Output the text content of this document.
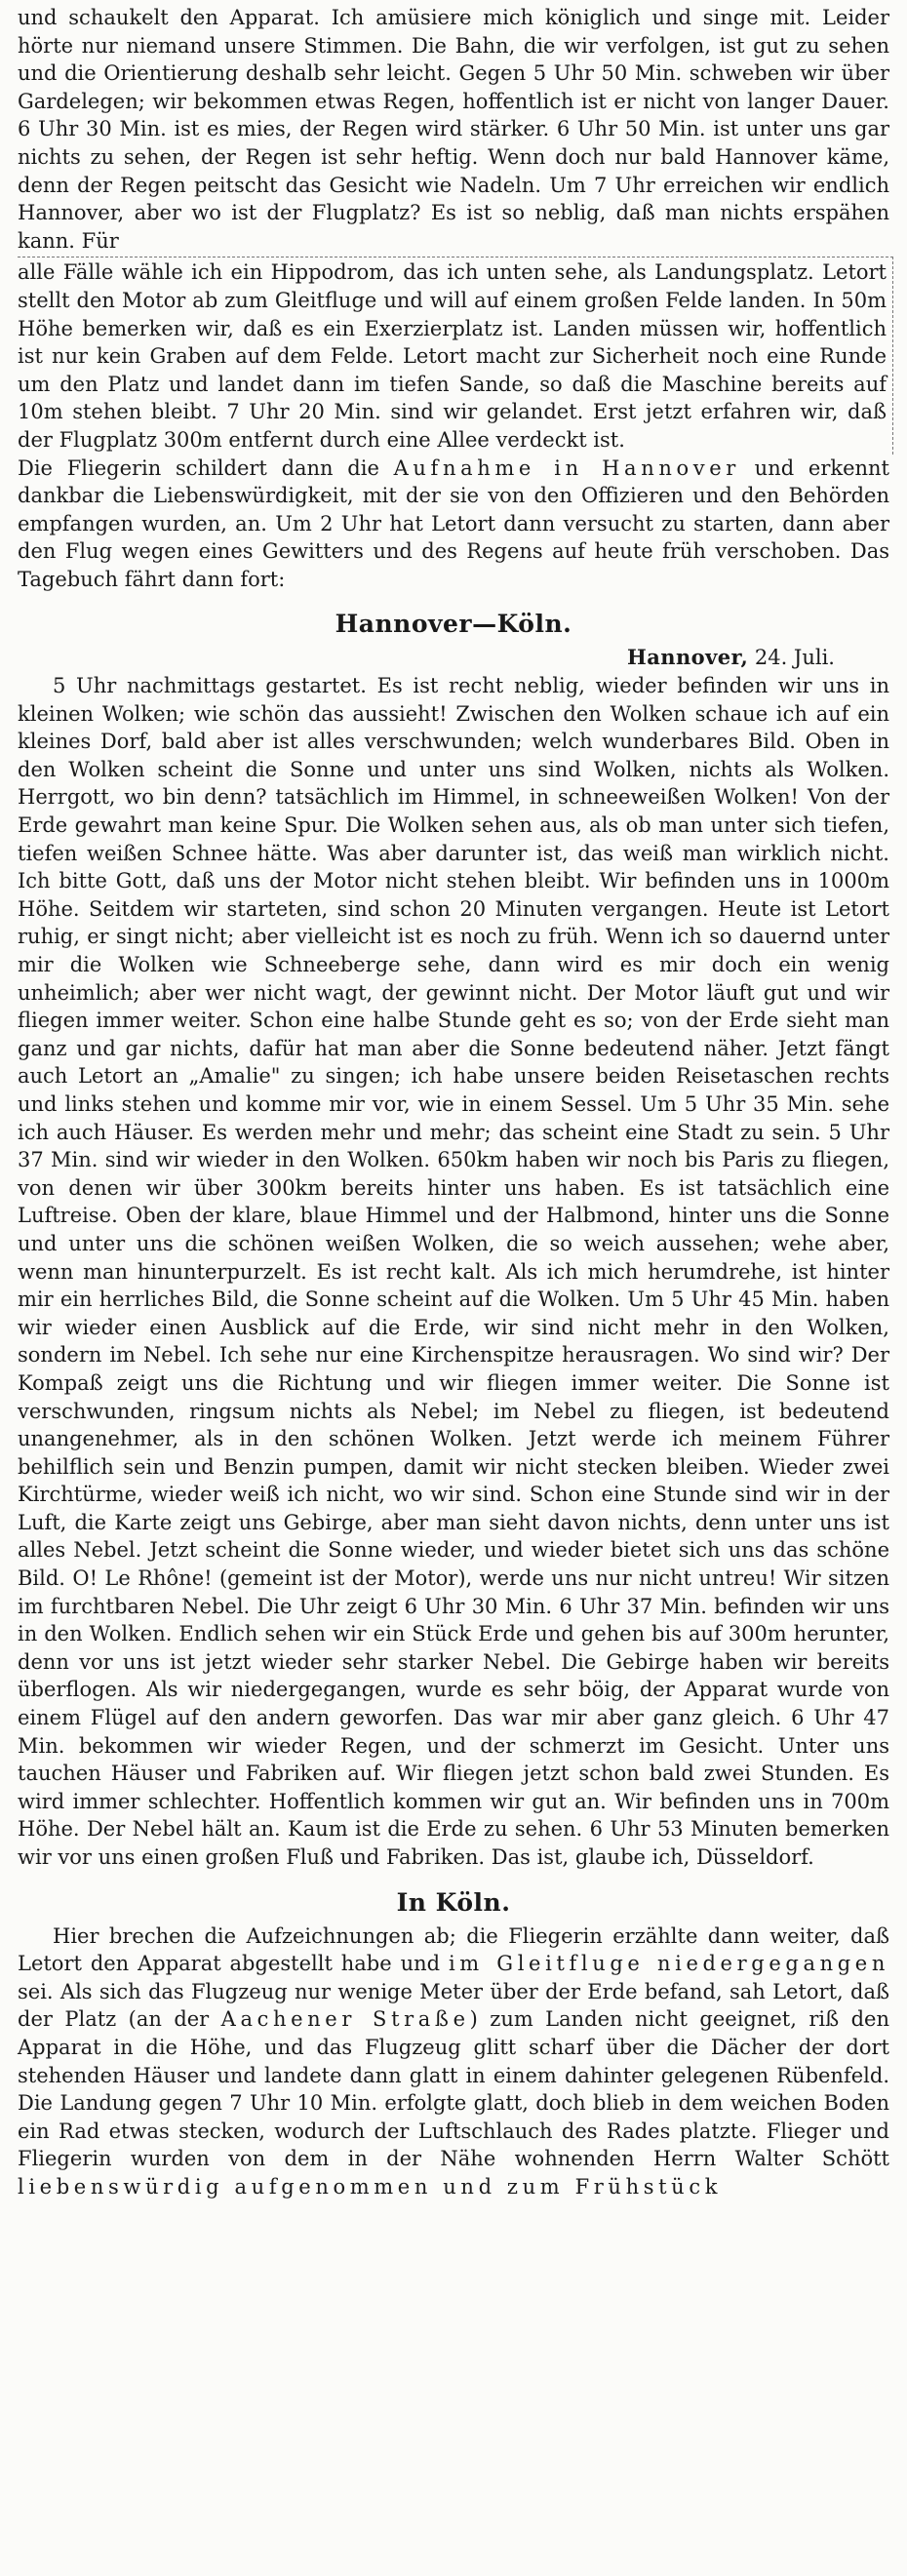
und schaukelt den Apparat. Ich amüsiere mich königlich und singe mit. Leider hörte nur niemand unsere Stimmen. Die Bahn, die wir verfolgen, ist gut zu sehen und die Orientierung deshalb sehr leicht. Gegen 5 Uhr 50 Min. schweben wir über Gardelegen; wir bekommen etwas Regen, hoffentlich ist er nicht von langer Dauer. 6 Uhr 30 Min. ist es mies, der Regen wird stärker. 6 Uhr 50 Min. ist unter uns gar nichts zu sehen, der Regen ist sehr heftig. Wenn doch nur bald Hannover käme, denn der Regen peitscht das Gesicht wie Nadeln. Um 7 Uhr erreichen wir endlich Hannover, aber wo ist der Flugplatz? Es ist so neblig, daß man nichts erspähen kann. Für

alle Fälle wähle ich ein Hippodrom, das ich unten sehe, als Landungsplatz. Letort stellt den Motor ab zum Gleitfluge und will auf einem großen Felde landen. In 50m Höhe bemerken wir, daß es ein Exerzierplatz ist. Landen müssen wir, hoffentlich ist nur kein Graben auf dem Felde. Letort macht zur Sicherheit noch eine Runde um den Platz und landet dann im tiefen Sande, so daß die Maschine bereits auf 10m stehen bleibt. 7 Uhr 20 Min. sind wir gelandet. Erst jetzt erfahren wir, daß der Flugplatz 300m entfernt durch eine Allee verdeckt ist.

Die Fliegerin schildert dann die Aufnahme in Hannover und erkennt dankbar die Liebenswürdigkeit, mit der sie von den Offizieren und den Behörden empfangen wurden, an. Um 2 Uhr hat Letort dann versucht zu starten, dann aber den Flug wegen eines Gewitters und des Regens auf heute früh verschoben. Das Tagebuch fährt dann fort:

Hannover—Köln.

Hannover, 24. Juli.

5 Uhr nachmittags gestartet. Es ist recht neblig, wieder befinden wir uns in kleinen Wolken; wie schön das aussieht! Zwischen den Wolken schaue ich auf ein kleines Dorf, bald aber ist alles verschwunden; welch wunderbares Bild. Oben in den Wolken scheint die Sonne und unter uns sind Wolken, nichts als Wolken. Herrgott, wo bin denn? tatsächlich im Himmel, in schneeweißen Wolken! Von der Erde gewahrt man keine Spur. Die Wolken sehen aus, als ob man unter sich tiefen, tiefen weißen Schnee hätte. Was aber darunter ist, das weiß man wirklich nicht. Ich bitte Gott, daß uns der Motor nicht stehen bleibt. Wir befinden uns in 1000m Höhe. Seitdem wir starteten, sind schon 20 Minuten vergangen. Heute ist Letort ruhig, er singt nicht; aber vielleicht ist es noch zu früh. Wenn ich so dauernd unter mir die Wolken wie Schneeberge sehe, dann wird es mir doch ein wenig unheimlich; aber wer nicht wagt, der gewinnt nicht. Der Motor läuft gut und wir fliegen immer weiter. Schon eine halbe Stunde geht es so; von der Erde sieht man ganz und gar nichts, dafür hat man aber die Sonne bedeutend näher. Jetzt fängt auch Letort an „Amalie" zu singen; ich habe unsere beiden Reisetaschen rechts und links stehen und komme mir vor, wie in einem Sessel. Um 5 Uhr 35 Min. sehe ich auch Häuser. Es werden mehr und mehr; das scheint eine Stadt zu sein. 5 Uhr 37 Min. sind wir wieder in den Wolken. 650km haben wir noch bis Paris zu fliegen, von denen wir über 300km bereits hinter uns haben. Es ist tatsächlich eine Luftreise. Oben der klare, blaue Himmel und der Halbmond, hinter uns die Sonne und unter uns die schönen weißen Wolken, die so weich aussehen; wehe aber, wenn man hinunterpurzelt. Es ist recht kalt. Als ich mich herumdrehe, ist hinter mir ein herrliches Bild, die Sonne scheint auf die Wolken. Um 5 Uhr 45 Min. haben wir wieder einen Ausblick auf die Erde, wir sind nicht mehr in den Wolken, sondern im Nebel. Ich sehe nur eine Kirchenspitze herausragen. Wo sind wir? Der Kompaß zeigt uns die Richtung und wir fliegen immer weiter. Die Sonne ist verschwunden, ringsum nichts als Nebel; im Nebel zu fliegen, ist bedeutend unangenehmer, als in den schönen Wolken. Jetzt werde ich meinem Führer behilflich sein und Benzin pumpen, damit wir nicht stecken bleiben. Wieder zwei Kirchtürme, wieder weiß ich nicht, wo wir sind. Schon eine Stunde sind wir in der Luft, die Karte zeigt uns Gebirge, aber man sieht davon nichts, denn unter uns ist alles Nebel. Jetzt scheint die Sonne wieder, und wieder bietet sich uns das schöne Bild. O! Le Rhône! (gemeint ist der Motor), werde uns nur nicht untreu! Wir sitzen im furchtbaren Nebel. Die Uhr zeigt 6 Uhr 30 Min. 6 Uhr 37 Min. befinden wir uns in den Wolken. Endlich sehen wir ein Stück Erde und gehen bis auf 300m herunter, denn vor uns ist jetzt wieder sehr starker Nebel. Die Gebirge haben wir bereits überflogen. Als wir niedergegangen, wurde es sehr böig, der Apparat wurde von einem Flügel auf den andern geworfen. Das war mir aber ganz gleich. 6 Uhr 47 Min. bekommen wir wieder Regen, und der schmerzt im Gesicht. Unter uns tauchen Häuser und Fabriken auf. Wir fliegen jetzt schon bald zwei Stunden. Es wird immer schlechter. Hoffentlich kommen wir gut an. Wir befinden uns in 700m Höhe. Der Nebel hält an. Kaum ist die Erde zu sehen. 6 Uhr 53 Minuten bemerken wir vor uns einen großen Fluß und Fabriken. Das ist, glaube ich, Düsseldorf.

In Köln.

Hier brechen die Aufzeichnungen ab; die Fliegerin erzählte dann weiter, daß Letort den Apparat abgestellt habe und im Gleitfluge niedergegangen sei. Als sich das Flugzeug nur wenige Meter über der Erde befand, sah Letort, daß der Platz (an der Aachener Straße) zum Landen nicht geeignet, riß den Apparat in die Höhe, und das Flugzeug glitt scharf über die Dächer der dort stehenden Häuser und landete dann glatt in einem dahinter gelegenen Rübenfeld. Die Landung gegen 7 Uhr 10 Min. erfolgte glatt, doch blieb in dem weichen Boden ein Rad etwas stecken, wodurch der Luftschlauch des Rades platzte. Flieger und Fliegerin wurden von dem in der Nähe wohnenden Herrn Walter Schött liebenswürdig aufgenommen und zum Frühstück
